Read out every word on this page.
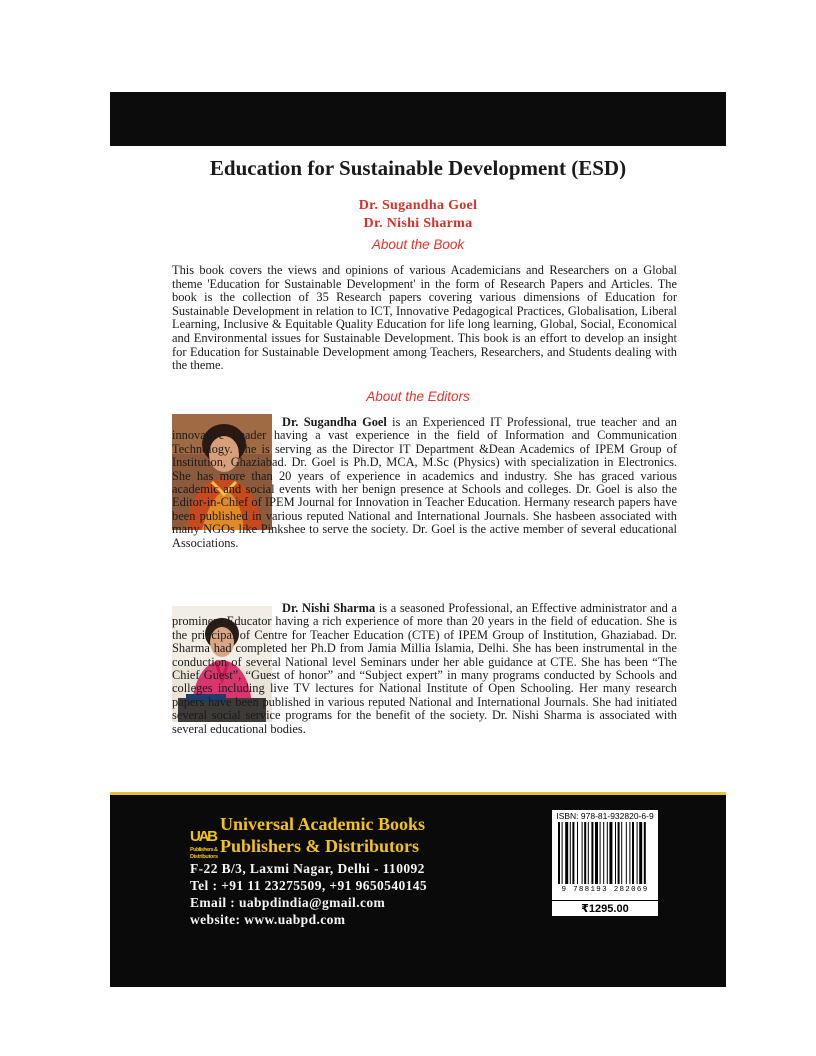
Education for Sustainable Development (ESD)
Dr. Sugandha Goel
Dr. Nishi Sharma
About the Book

This book covers the views and opinions of various Academicians and Researchers on a Global theme 'Education for Sustainable Development' in the form of Research Papers and Articles. The book is the collection of 35 Research papers covering various dimensions of Education for Sustainable Development in relation to ICT, Innovative Pedagogical Practices, Globalisation, Liberal Learning, Inclusive & Equitable Quality Education for life long learning, Global, Social, Economical and Environmental issues for Sustainable Development. This book is an effort to develop an insight for Education for Sustainable Development among Teachers, Researchers, and Students dealing with the theme.

About the Editors

Dr. Sugandha Goel is an Experienced IT Professional, true teacher and an innovative Leader having a vast experience in the field of Information and Communication Technology. She is serving as the Director IT Department &Dean Academics of IPEM Group of Institution, Ghaziabad. Dr. Goel is Ph.D, MCA, M.Sc (Physics) with specialization in Electronics. She has more than 20 years of experience in academics and industry. She has graced various academic and social events with her benign presence at Schools and colleges. Dr. Goel is also the Editor-in-Chief of IPEM Journal for Innovation in Teacher Education. Hermany research papers have been published in various reputed National and International Journals. She hasbeen associated with many NGOs like Pinkshee to serve the society. Dr. Goel is the active member of several educational Associations.

Dr. Nishi Sharma is a seasoned Professional, an Effective administrator and a prominent Educator having a rich experience of more than 20 years in the field of education. She is the principal of Centre for Teacher Education (CTE) of IPEM Group of Institution, Ghaziabad. Dr. Sharma had completed her Ph.D from Jamia Millia Islamia, Delhi. She has been instrumental in the conduction of several National level Seminars under her able guidance at CTE. She has been “The Chief Guest”, “Guest of honor” and “Subject expert” in many programs conducted by Schools and colleges including live TV lectures for National Institute of Open Schooling. Her many research papers have been published in various reputed National and International Journals. She had initiated several social service programs for the benefit of the society. Dr. Nishi Sharma is associated with several educational bodies.

UAB
Publishers &
Distributors
Universal Academic Books
Publishers & Distributors
F-22 B/3, Laxmi Nagar, Delhi - 110092
Tel : +91 11 23275509, +91 9650540145
Email : uabpdindia@gmail.com
website: www.uabpd.com
ISBN: 978-81-932820-6-9
9 788193 282069
₹1295.00
